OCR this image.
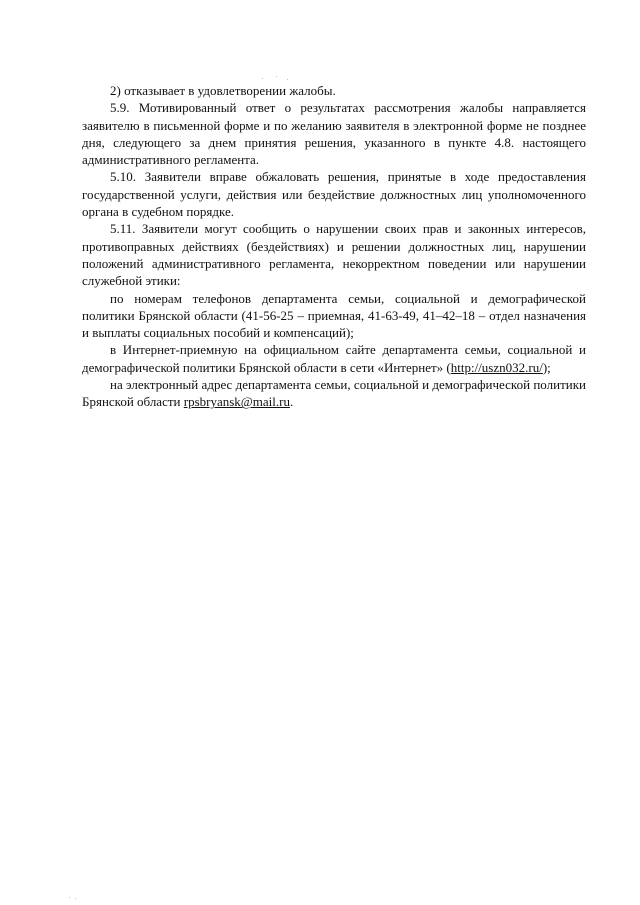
2) отказывает в удовлетворении жалобы.

5.9. Мотивированный ответ о результатах рассмотрения жалобы направляется заявителю в письменной форме и по желанию заявителя в электронной форме не позднее дня, следующего за днем принятия решения, указанного в пункте 4.8. настоящего административного регламента.

5.10. Заявители вправе обжаловать решения, принятые в ходе предоставления государственной услуги, действия или бездействие должностных лиц уполномоченного органа в судебном порядке.

5.11. Заявители могут сообщить о нарушении своих прав и законных интересов, противоправных действиях (бездействиях) и решении должностных лиц, нарушении положений административного регламента, некорректном поведении или нарушении служебной этики:

по номерам телефонов департамента семьи, социальной и демографической политики Брянской области (41-56-25 – приемная, 41-63-49, 41–42–18 – отдел назначения и выплаты социальных пособий и компенсаций);

в Интернет-приемную на официальном сайте департамента семьи, социальной и демографической политики Брянской области в сети «Интернет» (http://uszn032.ru/);

на электронный адрес департамента семьи, социальной и демографической политики Брянской области rpsbryansk@mail.ru.
